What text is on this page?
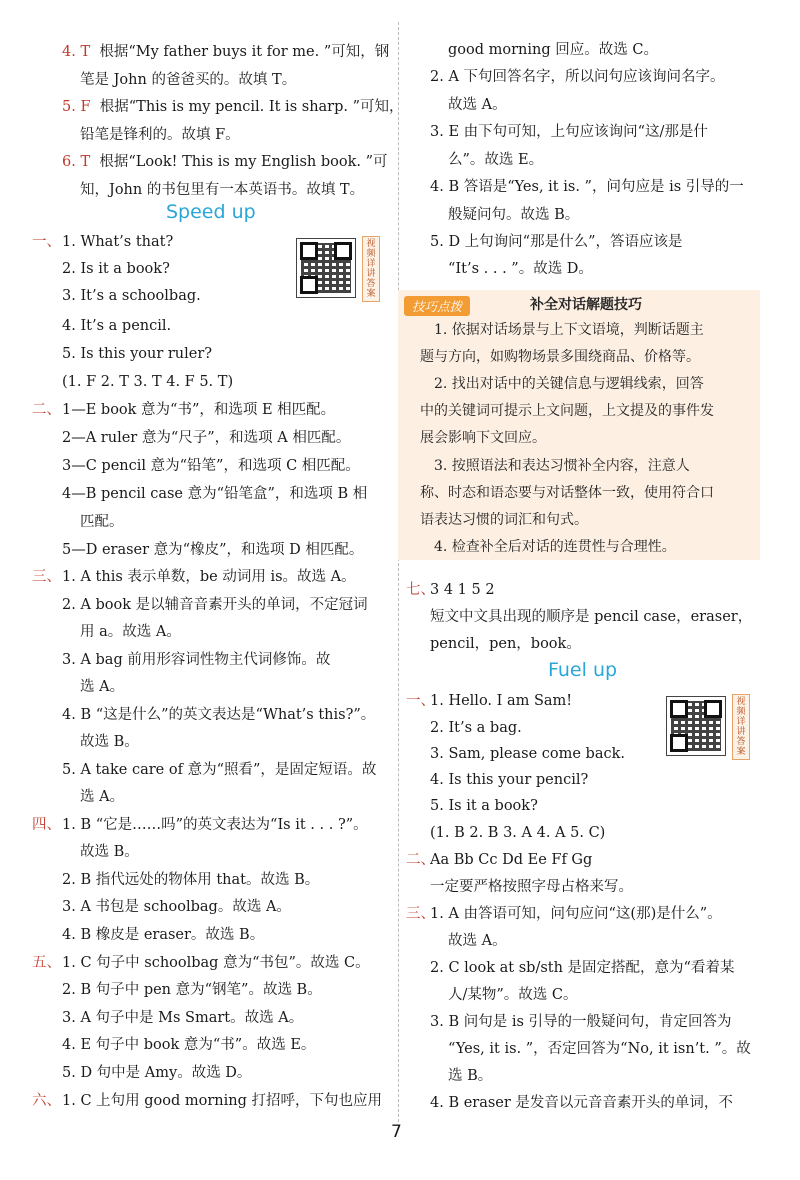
4. T 根据“My father buys it for me. ”可知，钢
笔是 John 的爸爸买的。故填 T。
5. F 根据“This is my pencil. It is sharp. ”可知，
铅笔是锋利的。故填 F。
6. T 根据“Look! This is my English book. ”可
知，John 的书包里有一本英语书。故填 T。
Speed up
一、 1. What’s that?
2. Is it a book?
3. It’s a schoolbag.
4. It’s a pencil.
5. Is this your ruler?
(1. F 2. T 3. T 4. F 5. T)
视频详讲答案
二、 1—E book 意为“书”，和选项 E 相匹配。
2—A ruler 意为“尺子”，和选项 A 相匹配。
3—C pencil 意为“铅笔”，和选项 C 相匹配。
4—B pencil case 意为“铅笔盒”，和选项 B 相
匹配。
5—D eraser 意为“橡皮”，和选项 D 相匹配。
三、 1. A this 表示单数，be 动词用 is。故选 A。
2. A book 是以辅音音素开头的单词，不定冠词
用 a。故选 A。
3. A bag 前用形容词性物主代词修饰。故
选 A。
4. B “这是什么”的英文表达是“What’s this?”。
故选 B。
5. A take care of 意为“照看”，是固定短语。故
选 A。
四、 1. B “它是……吗”的英文表达为“Is it . . . ?”。
故选 B。
2. B 指代远处的物体用 that。故选 B。
3. A 书包是 schoolbag。故选 A。
4. B 橡皮是 eraser。故选 B。
五、 1. C 句子中 schoolbag 意为“书包”。故选 C。
2. B 句子中 pen 意为“钢笔”。故选 B。
3. A 句子中是 Ms Smart。故选 A。
4. E 句子中 book 意为“书”。故选 E。
5. D 句中是 Amy。故选 D。
六、 1. C 上句用 good morning 打招呼，下句也应用
good morning 回应。故选 C。
2. A 下句回答名字，所以问句应该询问名字。
故选 A。
3. E 由下句可知，上句应该询问“这/那是什
么”。故选 E。
4. B 答语是“Yes, it is. ”，问句应是 is 引导的一
般疑问句。故选 B。
5. D 上句询问“那是什么”，答语应该是
“It’s . . . ”。故选 D。
技巧点拨	补全对话解题技巧
1. 依据对话场景与上下文语境，判断话题主
题与方向，如购物场景多围绕商品、价格等。
2. 找出对话中的关键信息与逻辑线索，回答
中的关键词可提示上文问题，上文提及的事件发
展会影响下文回应。
3. 按照语法和表达习惯补全内容，注意人
称、时态和语态要与对话整体一致，使用符合口
语表达习惯的词汇和句式。
4. 检查补全后对话的连贯性与合理性。
七、
3 4 1 5 2
短文中文具出现的顺序是 pencil case，eraser，
pencil，pen，book。
Fuel up
一、
1. Hello. I am Sam!
2. It’s a bag.
3. Sam, please come back.
4. Is this your pencil?
5. Is it a book?
(1. B 2. B 3. A 4. A 5. C)
视频详讲答案
二、
Aa Bb Cc Dd Ee Ff Gg
一定要严格按照字母占格来写。
三、
1. A 由答语可知，问句应问“这(那)是什么”。
故选 A。
2. C look at sb/sth 是固定搭配，意为“看着某
人/某物”。故选 C。
3. B 问句是 is 引导的一般疑问句，肯定回答为
“Yes, it is. ”，否定回答为“No, it isn’t. ”。故
选 B。
4. B eraser 是发音以元音音素开头的单词，不
7
